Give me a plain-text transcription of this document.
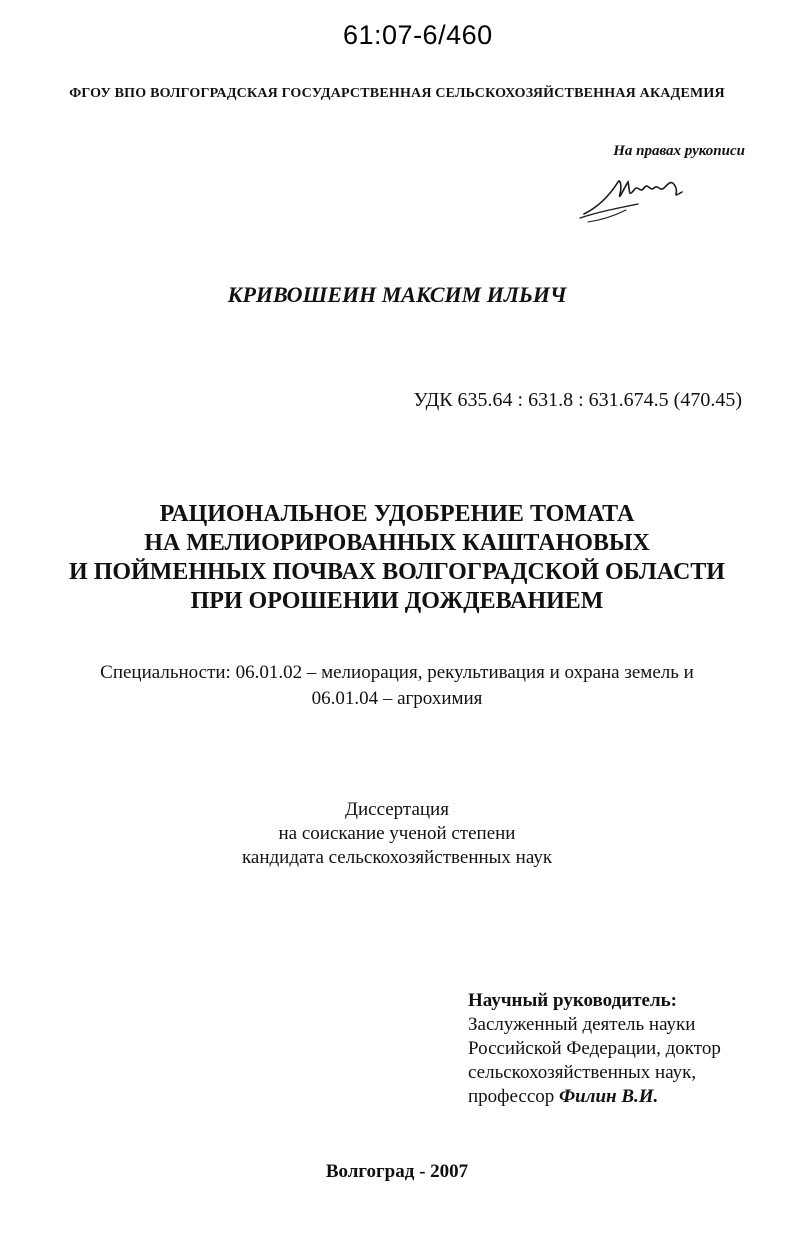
61:07-6/460
ФГОУ ВПО ВОЛГОГРАДСКАЯ ГОСУДАРСТВЕННАЯ СЕЛЬСКОХОЗЯЙСТВЕННАЯ АКАДЕМИЯ
На правах рукописи
КРИВОШЕИН МАКСИМ ИЛЬИЧ
УДК 635.64 : 631.8 : 631.674.5 (470.45)
РАЦИОНАЛЬНОЕ УДОБРЕНИЕ ТОМАТА
НА МЕЛИОРИРОВАННЫХ КАШТАНОВЫХ
И ПОЙМЕННЫХ ПОЧВАХ ВОЛГОГРАДСКОЙ ОБЛАСТИ
ПРИ ОРОШЕНИИ ДОЖДЕВАНИЕМ
Специальности: 06.01.02 – мелиорация, рекультивация и охрана земель и
06.01.04 – агрохимия
Диссертация
на соискание ученой степени
кандидата сельскохозяйственных наук
Научный руководитель:
Заслуженный деятель науки
Российской Федерации, доктор
сельскохозяйственных наук,
профессор Филин В.И.
Волгоград - 2007
